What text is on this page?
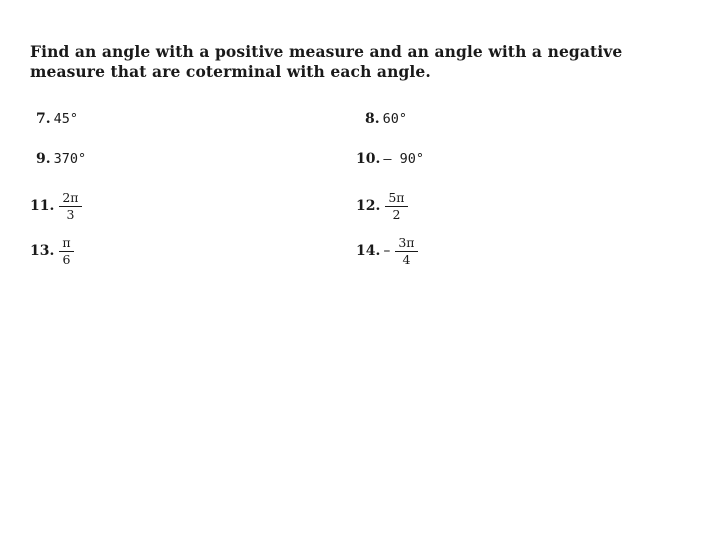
Find an angle with a positive measure and an angle with a negative measure that are coterminal with each angle.
7. 45°	8. 60°
9. 370°	10. – 90°
11. $\frac{2\pi}{3}$	12. $\frac{5\pi}{2}$
13. $\frac{\pi}{6}$	14. – $\frac{3\pi}{4}$
